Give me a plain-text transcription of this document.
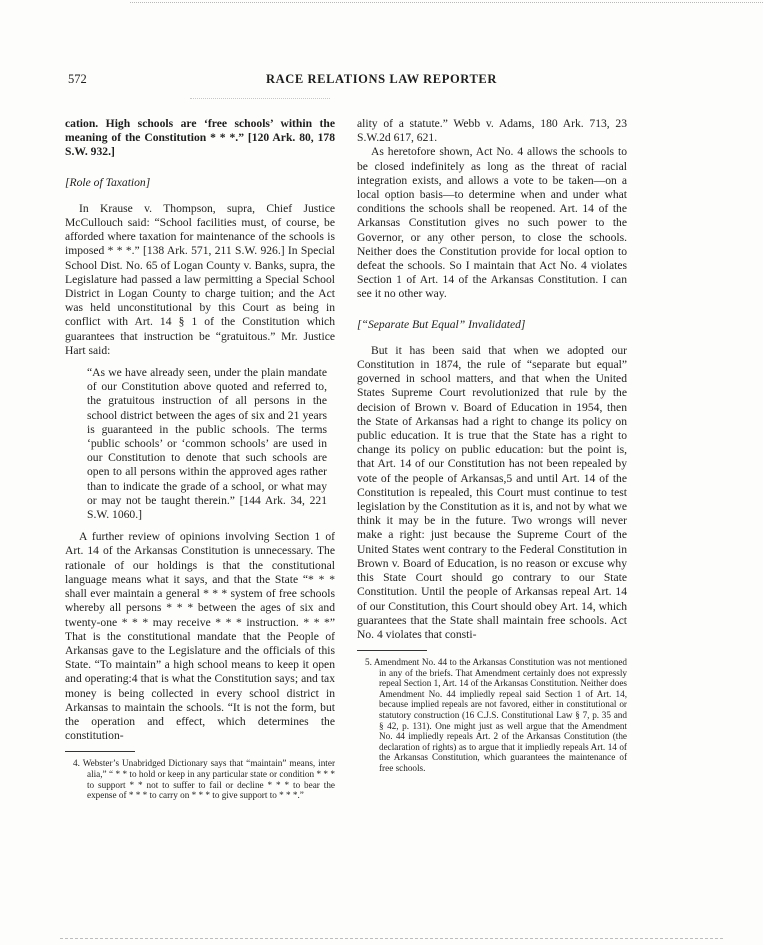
572	RACE RELATIONS LAW REPORTER

cation. High schools are ‘free schools’ within the meaning of the Constitution * * *.” [120 Ark. 80, 178 S.W. 932.]

[Role of Taxation]

In Krause v. Thompson, supra, Chief Justice McCullouch said: “School facilities must, of course, be afforded where taxation for maintenance of the schools is imposed * * *.” [138 Ark. 571, 211 S.W. 926.] In Special School Dist. No. 65 of Logan County v. Banks, supra, the Legislature had passed a law permitting a Special School District in Logan County to charge tuition; and the Act was held unconstitutional by this Court as being in conflict with Art. 14 § 1 of the Constitution which guarantees that instruction be “gratuitous.” Mr. Justice Hart said:

“As we have already seen, under the plain mandate of our Constitution above quoted and referred to, the gratuitous instruction of all persons in the school district between the ages of six and 21 years is guaranteed in the public schools. The terms ‘public schools’ or ‘common schools’ are used in our Constitution to denote that such schools are open to all persons within the approved ages rather than to indicate the grade of a school, or what may or may not be taught therein.” [144 Ark. 34, 221 S.W. 1060.]

A further review of opinions involving Section 1 of Art. 14 of the Arkansas Constitution is unnecessary. The rationale of our holdings is that the constitutional language means what it says, and that the State “* * * shall ever maintain a general * * * system of free schools whereby all persons * * * between the ages of six and twenty-one * * * may receive * * * instruction. * * *” That is the constitutional mandate that the People of Arkansas gave to the Legislature and the officials of this State. “To maintain” a high school means to keep it open and operating:4 that is what the Constitution says; and tax money is being collected in every school district in Arkansas to maintain the schools. “It is not the form, but the operation and effect, which determines the constitution-

4. Webster’s Unabridged Dictionary says that “maintain” means, inter alia,” “ * * to hold or keep in any particular state or condition * * * to support * * not to suffer to fail or decline * * * to bear the expense of * * * to carry on * * * to give support to * * *.”

ality of a statute.” Webb v. Adams, 180 Ark. 713, 23 S.W.2d 617, 621.

As heretofore shown, Act No. 4 allows the schools to be closed indefinitely as long as the threat of racial integration exists, and allows a vote to be taken—on a local option basis—to determine when and under what conditions the schools shall be reopened. Art. 14 of the Arkansas Constitution gives no such power to the Governor, or any other person, to close the schools. Neither does the Constitution provide for local option to defeat the schools. So I maintain that Act No. 4 violates Section 1 of Art. 14 of the Arkansas Constitution. I can see it no other way.

[“Separate But Equal” Invalidated]

But it has been said that when we adopted our Constitution in 1874, the rule of “separate but equal” governed in school matters, and that when the United States Supreme Court revolutionized that rule by the decision of Brown v. Board of Education in 1954, then the State of Arkansas had a right to change its policy on public education. It is true that the State has a right to change its policy on public education: but the point is, that Art. 14 of our Constitution has not been repealed by vote of the people of Arkansas,5 and until Art. 14 of the Constitution is repealed, this Court must continue to test legislation by the Constitution as it is, and not by what we think it may be in the future. Two wrongs will never make a right: just because the Supreme Court of the United States went contrary to the Federal Constitution in Brown v. Board of Education, is no reason or excuse why this State Court should go contrary to our State Constitution. Until the people of Arkansas repeal Art. 14 of our Constitution, this Court should obey Art. 14, which guarantees that the State shall maintain free schools. Act No. 4 violates that consti-

5. Amendment No. 44 to the Arkansas Constitution was not mentioned in any of the briefs. That Amendment certainly does not expressly repeal Section 1, Art. 14 of the Arkansas Constitution. Neither does Amendment No. 44 impliedly repeal said Section 1 of Art. 14, because implied repeals are not favored, either in constitutional or statutory construction (16 C.J.S. Constitutional Law § 7, p. 35 and § 42, p. 131). One might just as well argue that the Amendment No. 44 impliedly repeals Art. 2 of the Arkansas Constitution (the declaration of rights) as to argue that it impliedly repeals Art. 14 of the Arkansas Constitution, which guarantees the maintenance of free schools.
